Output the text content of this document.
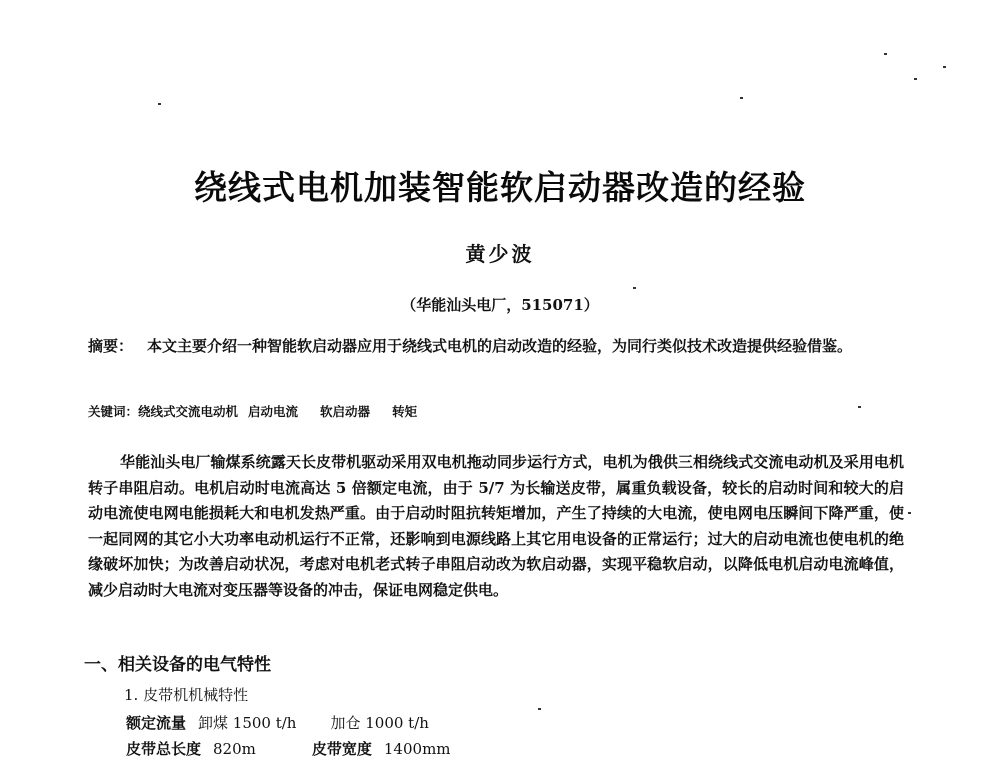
绕线式电机加装智能软启动器改造的经验

黄少波

（华能汕头电厂，515071）

摘要： 本文主要介绍一种智能软启动器应用于绕线式电机的启动改造的经验，为同行类似技术改造提供经验借鉴。

关键词：绕线式交流电动机 启动电流 软启动器 转矩

华能汕头电厂输煤系统露天长皮带机驱动采用双电机拖动同步运行方式，电机为俄供三相绕线式交流电动机及采用电机转子串阻启动。电机启动时电流高达 5 倍额定电流，由于 5/7 为长输送皮带，属重负载设备，较长的启动时间和较大的启动电流使电网电能损耗大和电机发热严重。由于启动时阻抗转矩增加，产生了持续的大电流，使电网电压瞬间下降严重，使一起同网的其它小大功率电动机运行不正常，还影响到电源线路上其它用电设备的正常运行；过大的启动电流也使电机的绝缘破坏加快；为改善启动状况，考虑对电机老式转子串阻启动改为软启动器，实现平稳软启动，以降低电机启动电流峰值，减少启动时大电流对变压器等设备的冲击，保证电网稳定供电。

一、相关设备的电气特性

1. 皮带机机械特性

额定流量 卸煤 1500 t/h 加仓 1000 t/h

皮带总长度 820m	皮带宽度 1400mm
